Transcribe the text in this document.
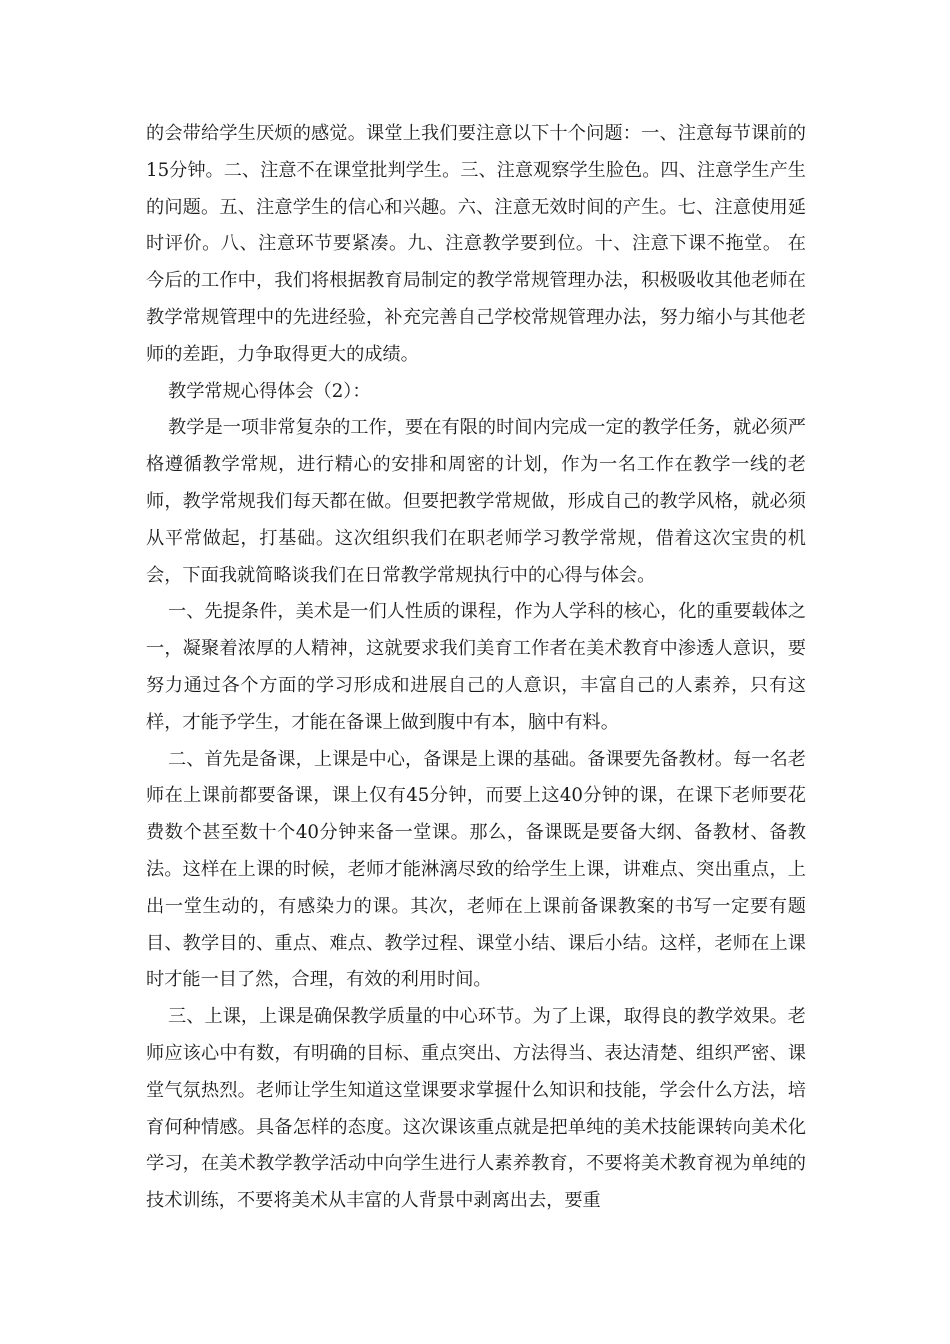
的会带给学生厌烦的感觉。课堂上我们要注意以下十个问题：一、注意每节课前的15分钟。二、注意不在课堂批判学生。三、注意观察学生脸色。四、注意学生产生的问题。五、注意学生的信心和兴趣。六、注意无效时间的产生。七、注意使用延时评价。八、注意环节要紧凑。九、注意教学要到位。十、注意下课不拖堂。 在今后的工作中，我们将根据教育局制定的教学常规管理办法，积极吸收其他老师在教学常规管理中的先进经验，补充完善自己学校常规管理办法，努力缩小与其他老师的差距，力争取得更大的成绩。

教学常规心得体会（2）：

教学是一项非常复杂的工作，要在有限的时间内完成一定的教学任务，就必须严格遵循教学常规，进行精心的安排和周密的计划，作为一名工作在教学一线的老师，教学常规我们每天都在做。但要把教学常规做，形成自己的教学风格，就必须从平常做起，打基础。这次组织我们在职老师学习教学常规，借着这次宝贵的机会，下面我就简略谈我们在日常教学常规执行中的心得与体会。

一、先提条件，美术是一们人性质的课程，作为人学科的核心，化的重要载体之一，凝聚着浓厚的人精神，这就要求我们美育工作者在美术教育中渗透人意识，要努力通过各个方面的学习形成和进展自己的人意识，丰富自己的人素养，只有这样，才能予学生，才能在备课上做到腹中有本，脑中有料。

二、首先是备课，上课是中心，备课是上课的基础。备课要先备教材。每一名老师在上课前都要备课，课上仅有45分钟，而要上这40分钟的课，在课下老师要花费数个甚至数十个40分钟来备一堂课。那么，备课既是要备大纲、备教材、备教法。这样在上课的时候，老师才能淋漓尽致的给学生上课，讲难点、突出重点，上出一堂生动的，有感染力的课。其次，老师在上课前备课教案的书写一定要有题目、教学目的、重点、难点、教学过程、课堂小结、课后小结。这样，老师在上课时才能一目了然，合理，有效的利用时间。

三、上课，上课是确保教学质量的中心环节。为了上课，取得良的教学效果。老师应该心中有数，有明确的目标、重点突出、方法得当、表达清楚、组织严密、课堂气氛热烈。老师让学生知道这堂课要求掌握什么知识和技能，学会什么方法，培育何种情感。具备怎样的态度。这次课该重点就是把单纯的美术技能课转向美术化学习，在美术教学教学活动中向学生进行人素养教育，不要将美术教育视为单纯的技术训练，不要将美术从丰富的人背景中剥离出去，要重
